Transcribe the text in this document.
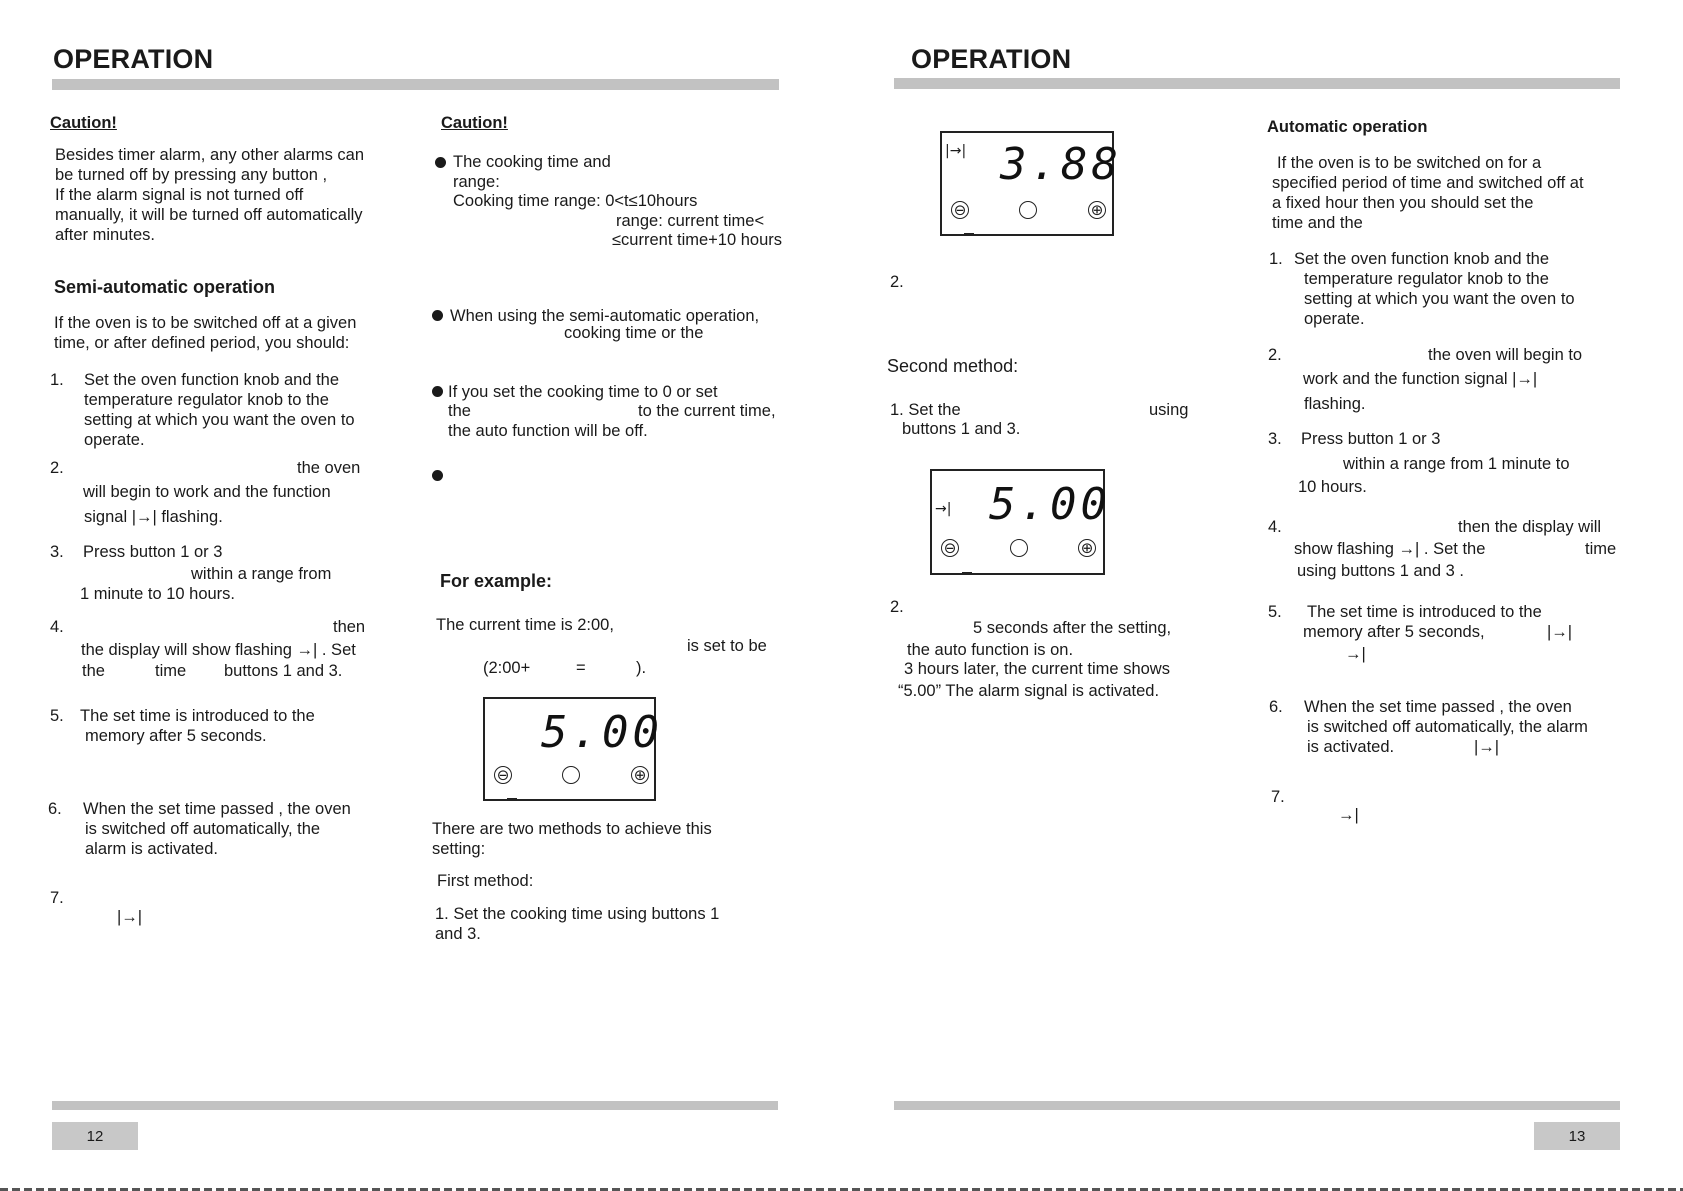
OPERATION
Caution!
Besides timer alarm, any other alarms can
be turned off by pressing any button ,
If the alarm signal is not turned off
manually, it will be turned off automatically
after minutes.
Semi-automatic operation
If the oven is to be switched off at a given
time, or after defined period, you should:
1. Set the oven function knob and the
temperature regulator knob to the
setting at which you want the oven to
operate.
2.	the oven
will begin to work and the function
signal |→| flashing.
3. Press button 1 or 3
within a range from
1 minute to 10 hours.
4.	then
the display will show flashing →| . Set
the	time buttons 1 and 3.
5. The set time is introduced to the
memory after 5 seconds.
6. When the set time passed , the oven
is switched off automatically, the
alarm is activated.
7.
|→|
Caution!
The cooking time and
range:
Cooking time range: 0<t≤10hours
range: current time<
≤current time+10 hours
When using the semi-automatic operation,
cooking time or the
If you set the cooking time to 0 or set
the	to the current time,
the auto function will be off.
For example:
The current time is 2:00,
is set to be
(2:00+	=	).
5.00
⊖	⊕
There are two methods to achieve this
setting:
First method:
1. Set the cooking time using buttons 1
and 3.
12
OPERATION
|→| 3.88
⊖	⊕
2.
Second method:
1. Set the	using
buttons 1 and 3.
→| 5.00
⊖	⊕
2.
5 seconds after the setting,
the auto function is on.
3 hours later, the current time shows
“5.00” The alarm signal is activated.
Automatic operation
If the oven is to be switched on for a
specified period of time and switched off at
a fixed hour then you should set the
time and the
1. Set the oven function knob and the
temperature regulator knob to the
setting at which you want the oven to
operate.
2.	the oven will begin to
work and the function signal |→|
flashing.
3. Press button 1 or 3
within a range from 1 minute to
10 hours.
4.	then the display will
show flashing →| . Set the	time
using buttons 1 and 3 .
5. The set time is introduced to the
memory after 5 seconds,	|→|
→|
6. When the set time passed , the oven
is switched off automatically, the alarm
is activated.	|→|
7.
→|
13
